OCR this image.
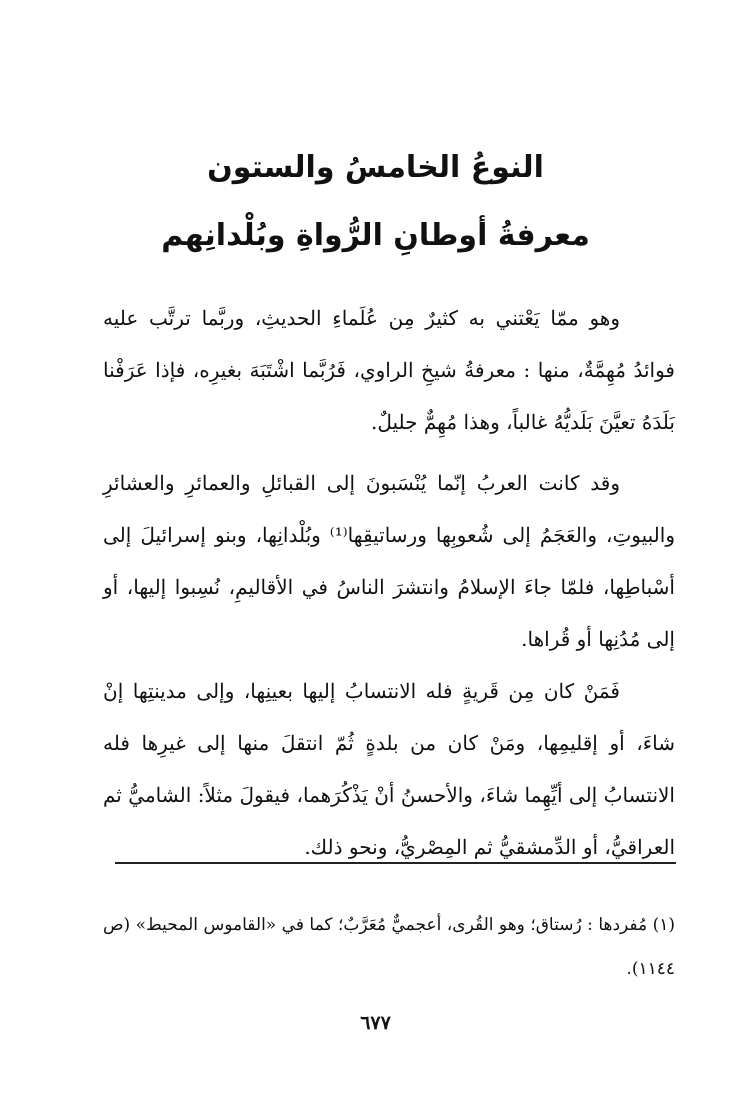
النوعُ الخامسُ والستون
معرفةُ أوطانِ الرُّواةِ وبُلْدانِهم

وهو ممّا يَعْتني به كثيرٌ مِن عُلَماءِ الحديثِ، وربَّما ترتَّب عليه فوائدُ مُهِمَّةٌ، منها : معرفةُ شيخِ الراوي، فَرُبَّما اشْتَبَهَ بغيرِه، فإذا عَرَفْنا بَلَدَهُ تعيَّنَ بَلَديُّهُ غالباً، وهذا مُهِمٌّ جليلٌ.

وقد كانت العربُ إنّما يُنْسَبونَ إلى القبائلِ والعمائرِ والعشائرِ والبيوتِ، والعَجَمُ إلى شُعوبِها ورساتيقِها⁽¹⁾ وبُلْدانِها، وبنو إسرائيلَ إلى أسْباطِها، فلمّا جاءَ الإسلامُ وانتشرَ الناسُ في الأقاليمِ، نُسِبوا إليها، أو إلى مُدُنِها أو قُراها.

فَمَنْ كان مِن قَريةٍ فله الانتسابُ إليها بعينِها، وإلى مدينتِها إنْ شاءَ، أو إقليمِها، ومَنْ كان من بلدةٍ ثُمّ انتقلَ منها إلى غيرِها فله الانتسابُ إلى أيِّهِما شاءَ، والأحسنُ أنْ يَذْكُرَهما، فيقولَ مثلاً: الشاميُّ ثم العراقيُّ، أو الدِّمشقيُّ ثم المِصْريُّ، ونحو ذلك.

(١) مُفردها : رُستاق؛ وهو القُرى، أعجميٌّ مُعَرَّبٌ؛ كما في «القاموس المحيط» (ص ١١٤٤).

٦٧٧
